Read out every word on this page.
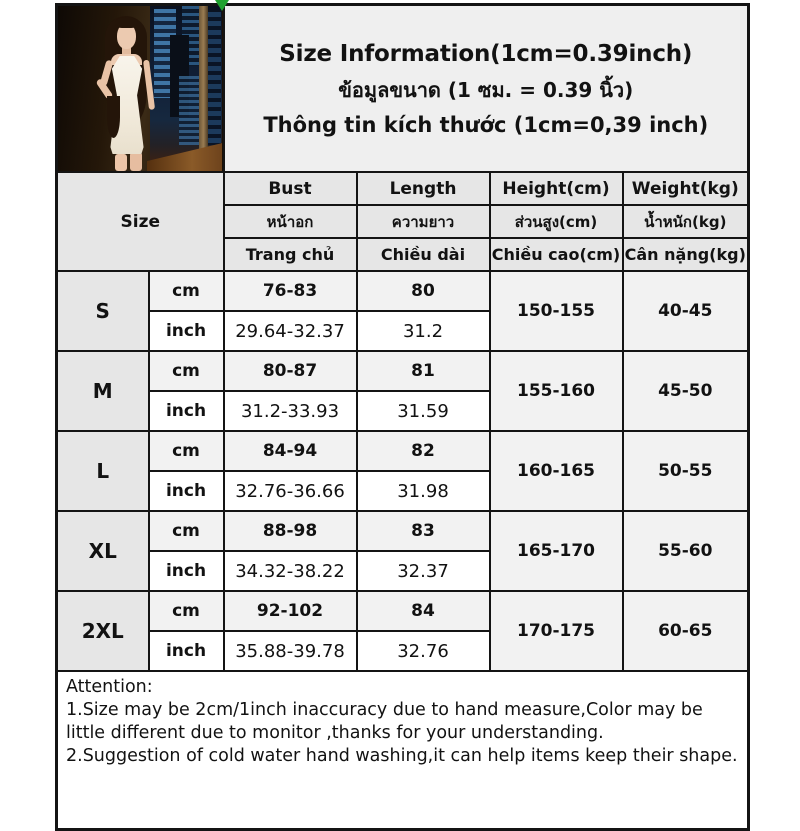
		Size Information(1cm=0.39inch)
ข้อมูลขนาด (1 ซม. = 0.39 นิ้ว)
Thông tin kích thước (1cm=0,39 inch)			

Size		Bust	Length	Height(cm)	Weight(kg)
		หน้าอก	ความยาว	ส่วนสูง(cm)	น้ำหนัก(kg)
		Trang chủ	Chiều dài	Chiều cao(cm)	Cân nặng(kg)
S	cm	76-83	80	150-155	40-45
	inch	29.64-32.37	31.2		
M	cm	80-87	81	155-160	45-50
	inch	31.2-33.93	31.59		
L	cm	84-94	82	160-165	50-55
	inch	32.76-36.66	31.98		
XL	cm	88-98	83	165-170	55-60
	inch	34.32-38.22	32.37		
2XL	cm	92-102	84	170-175	60-65
	inch	35.88-39.78	32.76		

Attention:
1.Size may be 2cm/1inch inaccuracy due to hand measure,Color may be little different due to monitor ,thanks for your understanding.
2.Suggestion of cold water hand washing,it can help items keep their shape.					
